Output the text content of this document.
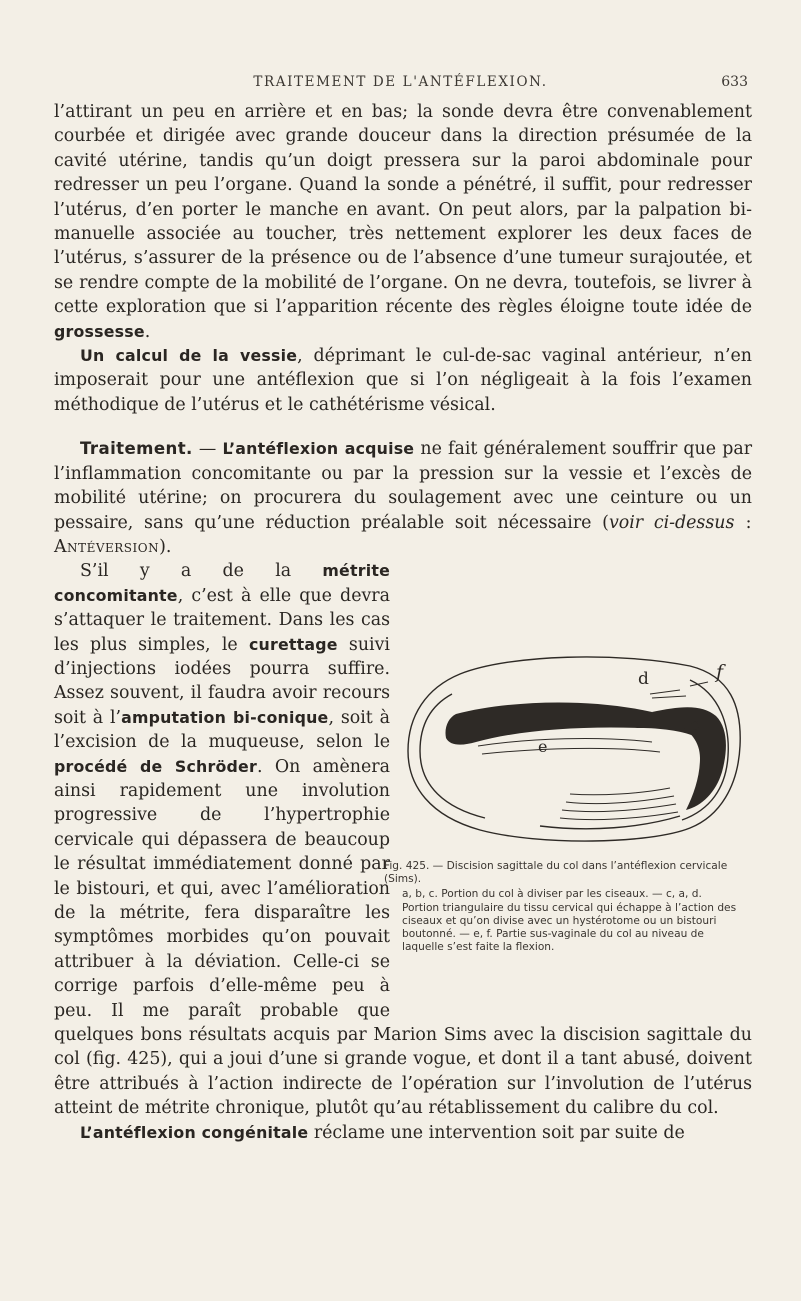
TRAITEMENT DE L'ANTÉFLEXION.	633

l’attirant un peu en arrière et en bas; la sonde devra être convenablement courbée et dirigée avec grande douceur dans la direction présumée de la cavité utérine, tandis qu’un doigt pressera sur la paroi abdominale pour redresser un peu l’organe. Quand la sonde a pénétré, il suffit, pour redresser l’utérus, d’en porter le manche en avant. On peut alors, par la palpation bi-manuelle associée au toucher, très nettement explorer les deux faces de l’utérus, s’assurer de la présence ou de l’absence d’une tumeur surajoutée, et se rendre compte de la mobilité de l’organe. On ne devra, toutefois, se livrer à cette exploration que si l’apparition récente des règles éloigne toute idée de grossesse.

Un calcul de la vessie, déprimant le cul-de-sac vaginal antérieur, n’en imposerait pour une antéflexion que si l’on négligeait à la fois l’examen méthodique de l’utérus et le cathétérisme vésical.

Traitement. — L’antéflexion acquise ne fait généralement souffrir que par l’inflammation concomitante ou par la pression sur la vessie et l’excès de mobilité utérine; on procurera du soulagement avec une ceinture ou un pessaire, sans qu’une réduction préalable soit nécessaire (voir ci-dessus : Antéversion).

S’il y a de la métrite concomitante, c’est à elle que devra s’attaquer le traitement. Dans les cas les plus simples, le curettage suivi d’injections iodées pourra suffire. Assez souvent, il faudra avoir recours soit à l’amputation bi-conique, soit à l’excision de la muqueuse, selon le procédé de Schröder. On amènera ainsi rapidement une involution progressive de l’hypertrophie cervicale qui dépassera de beaucoup le résultat immédiatement donné par le bistouri, et qui, avec l’amélioration de la métrite, fera disparaître les symptômes morbides qu’on pouvait attribuer à la déviation. Celle-ci se corrige parfois d’elle-même peu à peu. Il me paraît probable que quelques bons résultats acquis par Marion Sims avec la discision sagittale du col (fig. 425), qui a joui d’une si grande vogue, et dont il a tant abusé, doivent être attribués à l’action indirecte de l’opération sur l’involution de l’utérus atteint de métrite chronique, plutôt qu’au rétablissement du calibre du col.

L’antéflexion congénitale réclame une intervention soit par suite de

d	f
c
e
Fig. 425. — Discision sagittale du col dans l’antéflexion cervicale (Sims).
a, b, c. Portion du col à diviser par les ciseaux. — c, a, d. Portion triangulaire du tissu cervical qui échappe à l’action des ciseaux et qu’on divise avec un hystérotome ou un bistouri boutonné. — e, f. Partie sus-vaginale du col au niveau de laquelle s’est faite la flexion.
